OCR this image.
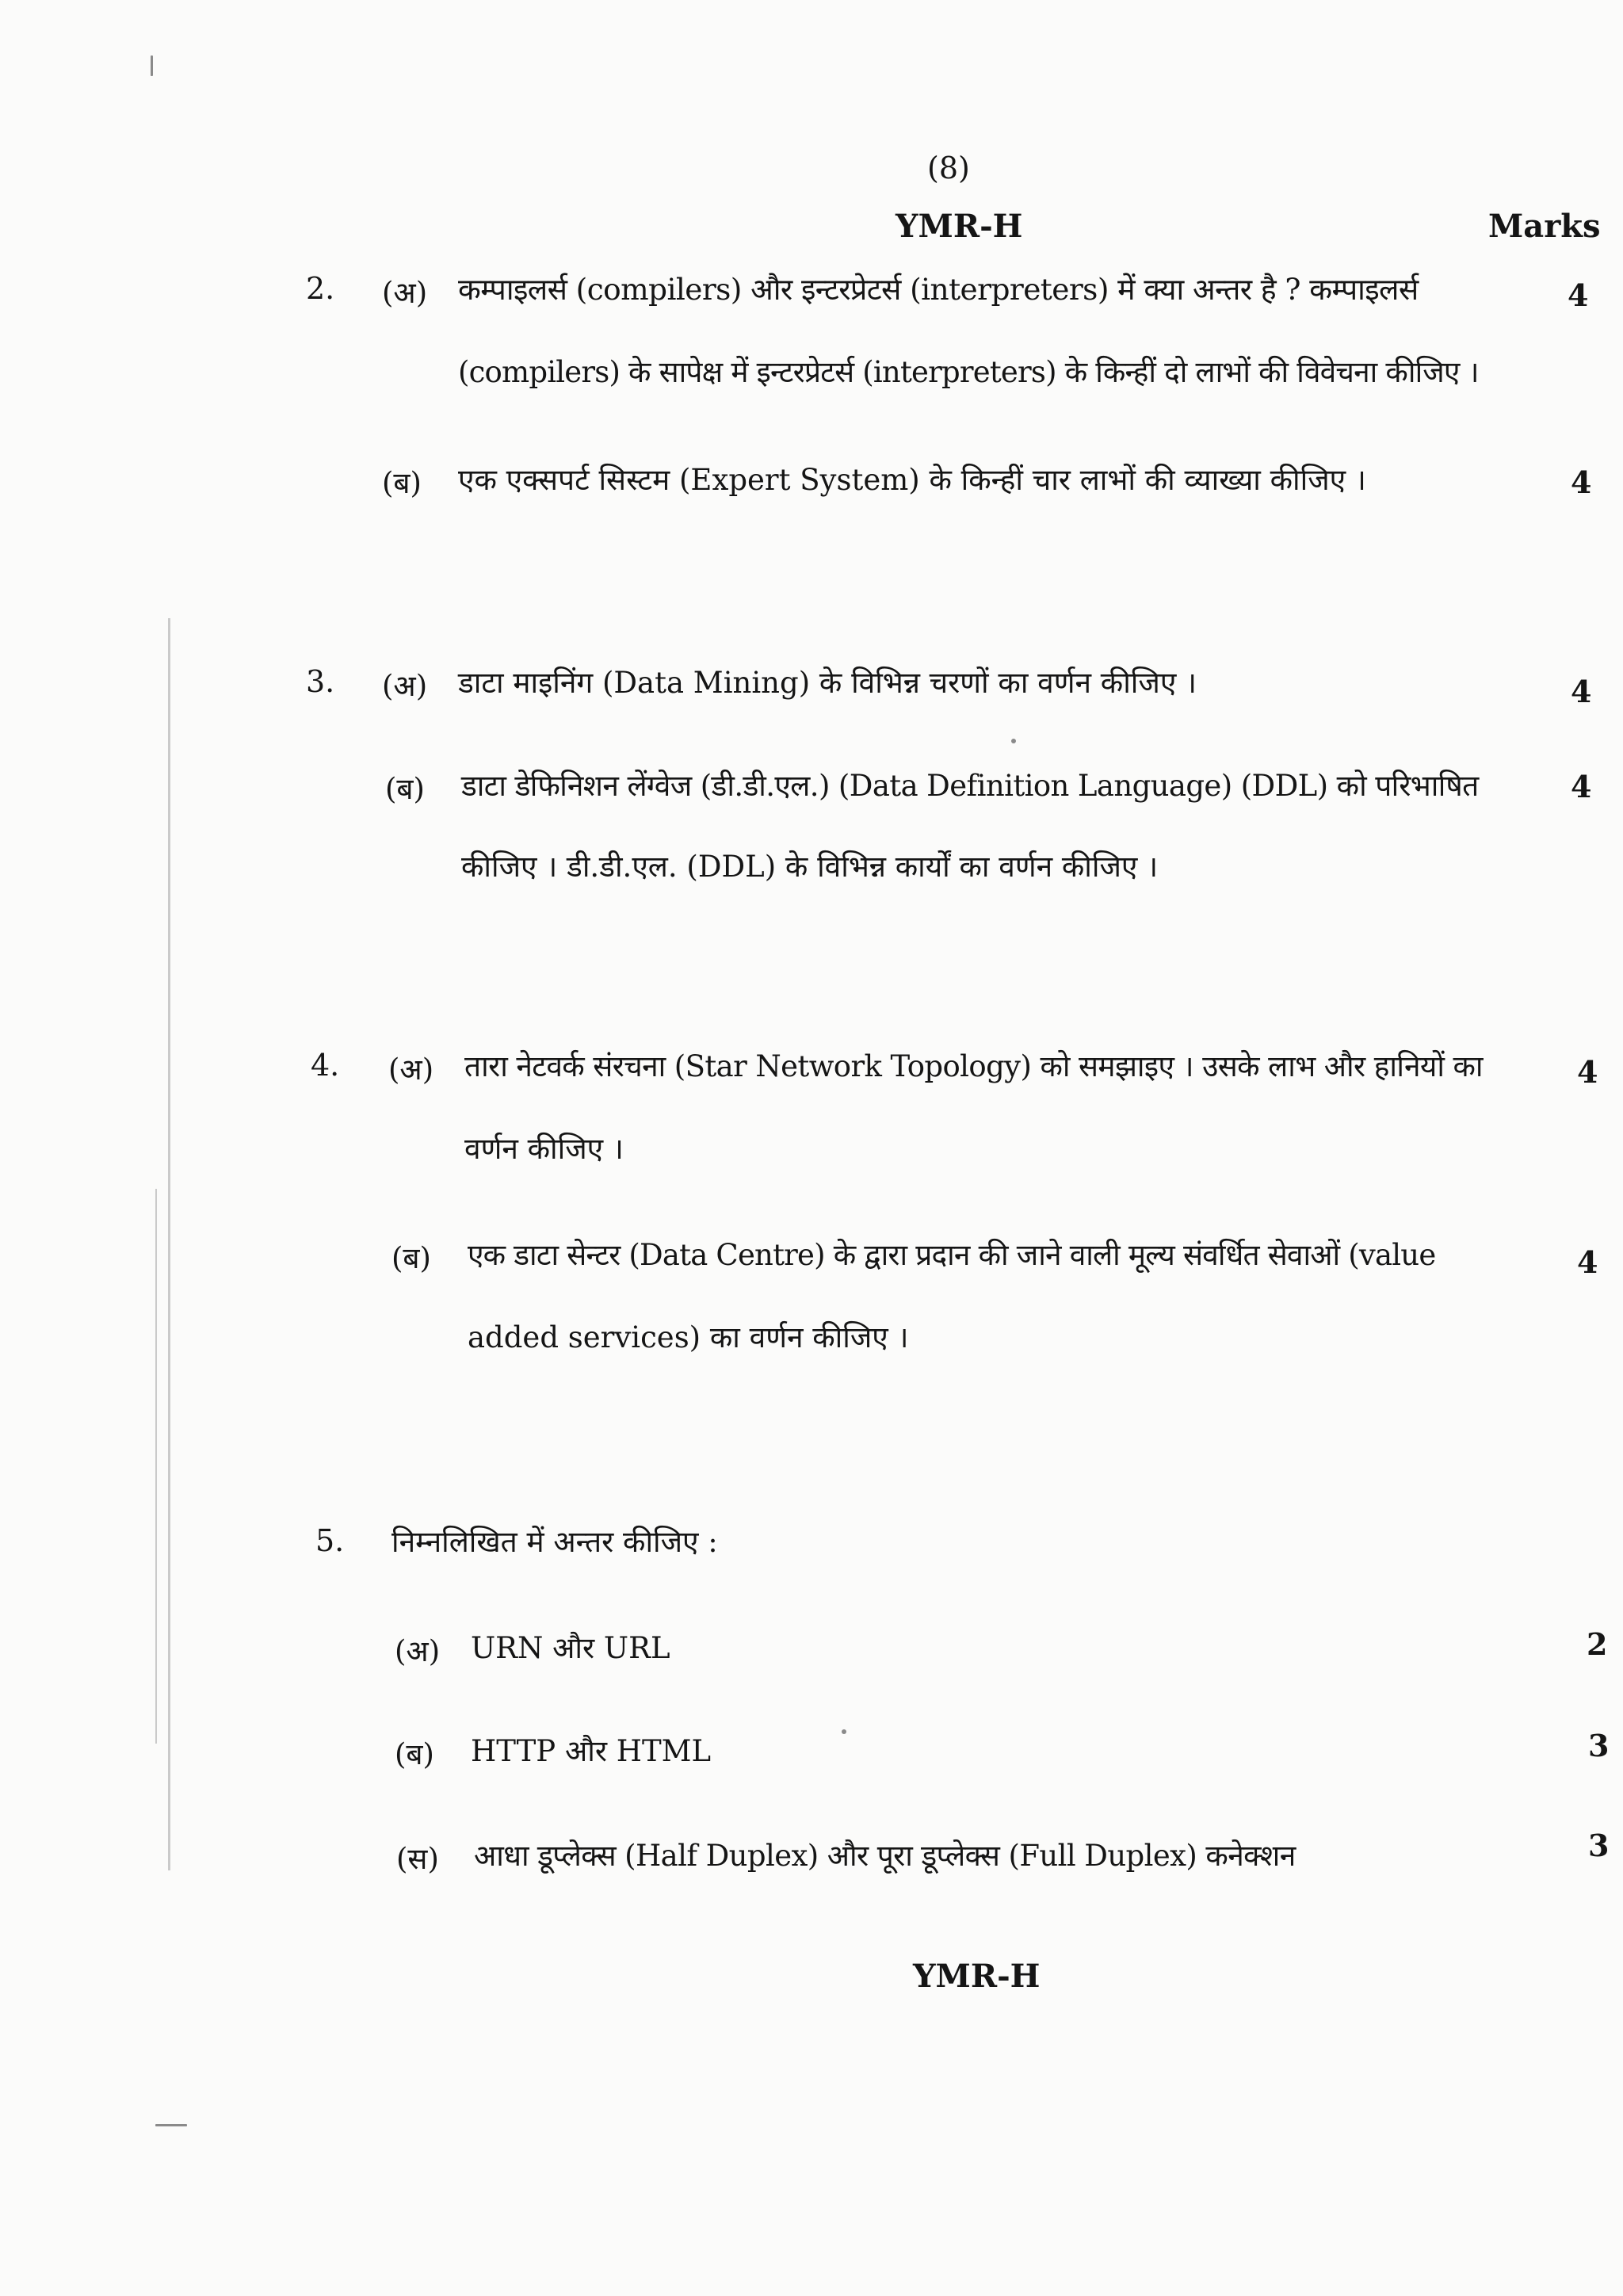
(8)
YMR-H	Marks
2. (अ) कम्पाइलर्स (compilers) और इन्टरप्रेटर्स (interpreters) में क्या अन्तर है ? कम्पाइलर्स
(compilers) के सापेक्ष में इन्टरप्रेटर्स (interpreters) के किन्हीं दो लाभों की विवेचना कीजिए ।
4
(ब) एक एक्सपर्ट सिस्टम (Expert System) के किन्हीं चार लाभों की व्याख्या कीजिए ।	4
3. (अ) डाटा माइनिंग (Data Mining) के विभिन्न चरणों का वर्णन कीजिए ।	4
(ब) डाटा डेफिनिशन लेंग्वेज (डी.डी.एल.) (Data Definition Language) (DDL) को परिभाषित
कीजिए । डी.डी.एल. (DDL) के विभिन्न कार्यों का वर्णन कीजिए ।
4
4. (अ) तारा नेटवर्क संरचना (Star Network Topology) को समझाइए । उसके लाभ और हानियों का
वर्णन कीजिए ।
4
(ब) एक डाटा सेन्टर (Data Centre) के द्वारा प्रदान की जाने वाली मूल्य संवर्धित सेवाओं (value
added services) का वर्णन कीजिए ।
4
5. निम्नलिखित में अन्तर कीजिए :
(अ) URN और URL	2
(ब) HTTP और HTML	3
(स) आधा डूप्लेक्स (Half Duplex) और पूरा डूप्लेक्स (Full Duplex) कनेक्शन	3
YMR-H
